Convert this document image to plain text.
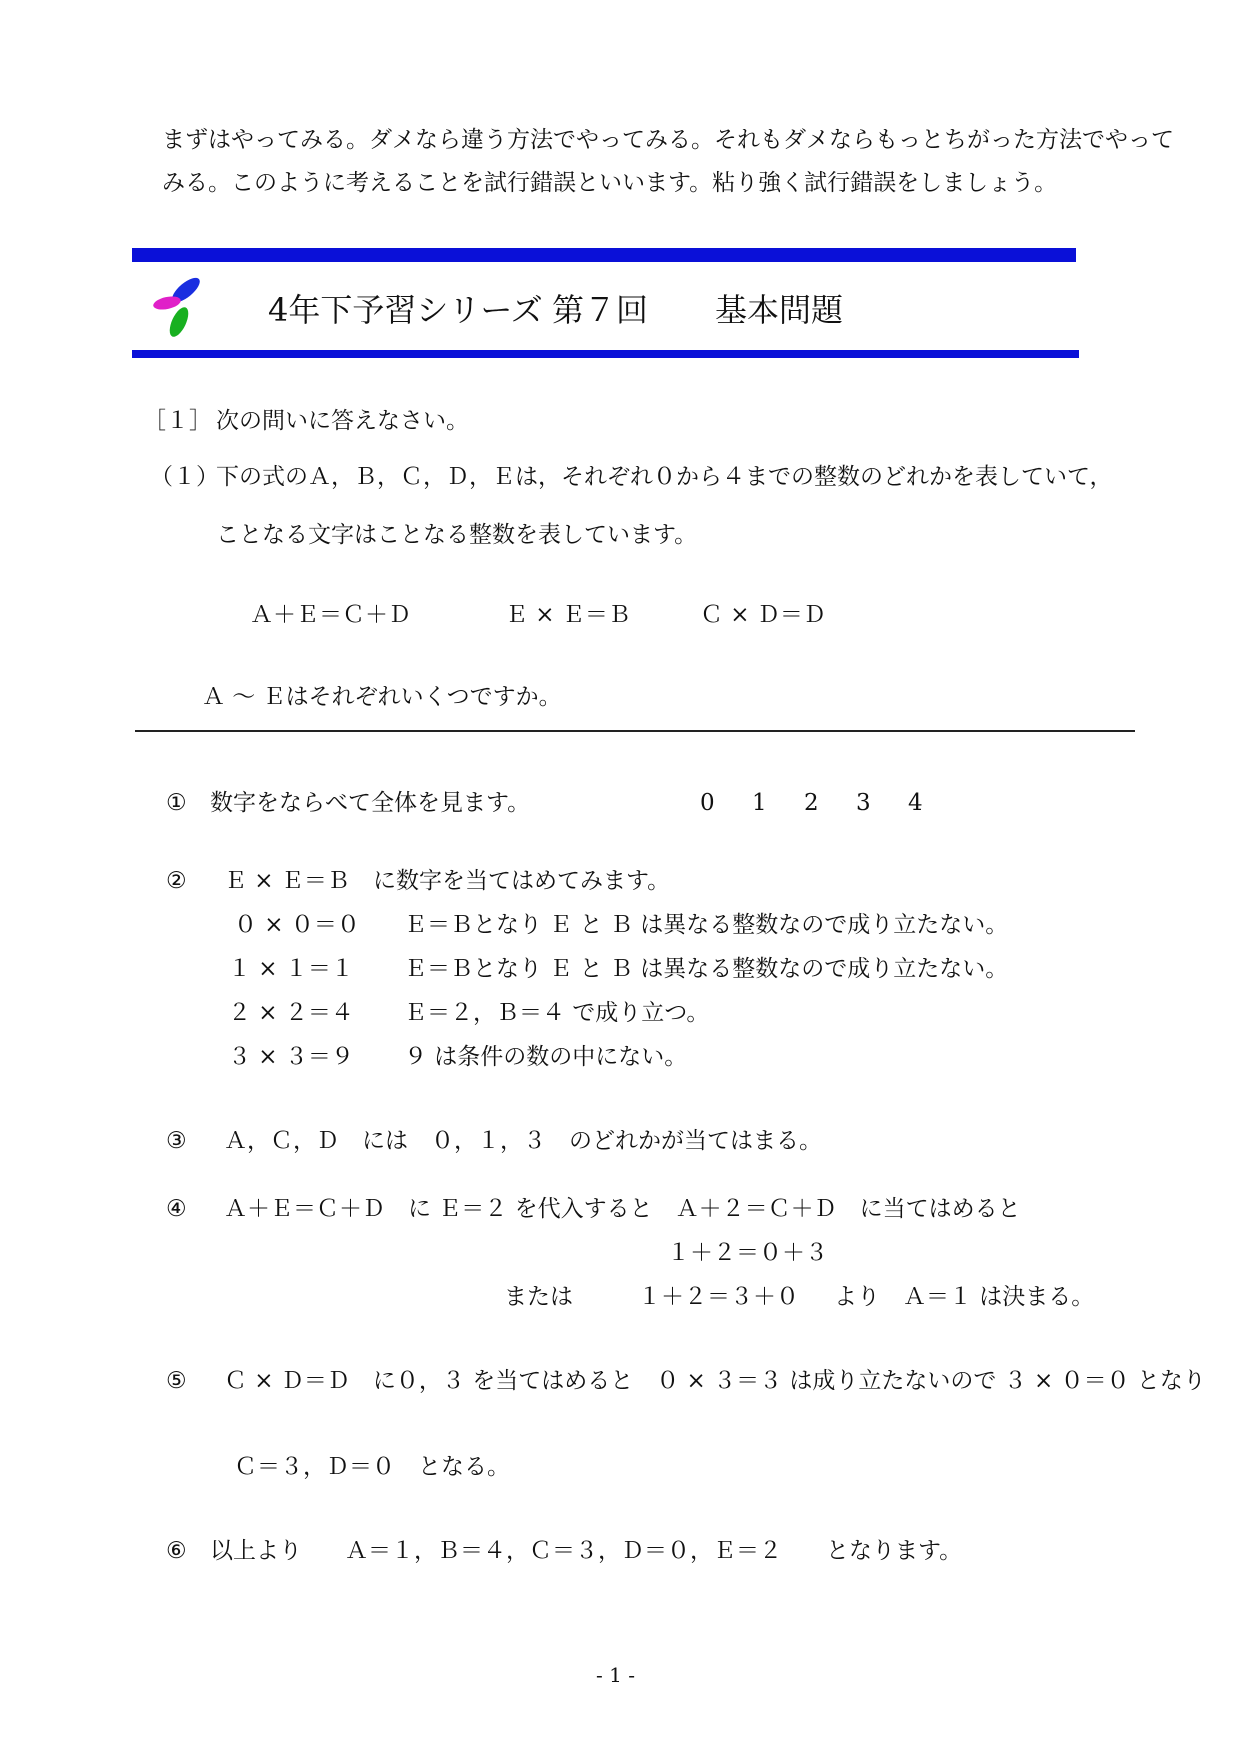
まずはやってみる。ダメなら違う方法でやってみる。それもダメならもっとちがった方法でやって
みる。このように考えることを試行錯誤といいます。粘り強く試行錯誤をしましょう。
4年下予習シリーズ 第７回 基本問題
［１］ 次の問いに答えなさい。
（１）
下の式のＡ，Ｂ，Ｃ，Ｄ，Ｅは，それぞれ０から４までの整数のどれかを表していて，
ことなる文字はことなる整数を表しています。
Ａ＋Ｅ＝Ｃ＋Ｄ	Ｅ × Ｅ＝Ｂ	Ｃ × Ｄ＝Ｄ
Ａ ～ Ｅはそれぞれいくつですか。
① 数字をならべて全体を見ます。	0 1 2 3 4
② Ｅ × Ｅ＝Ｂ に数字を当てはめてみます。
０ × ０＝０ Ｅ＝Ｂとなり Ｅ と Ｂ は異なる整数なので成り立たない。
１ × １＝１ Ｅ＝Ｂとなり Ｅ と Ｂ は異なる整数なので成り立たない。
２ × ２＝４ Ｅ＝２，Ｂ＝４ で成り立つ。
３ × ３＝９ ９ は条件の数の中にない。
③ Ａ，Ｃ，Ｄ　には　０，１，３　のどれかが当てはまる。
④ Ａ＋Ｅ＝Ｃ＋Ｄ　に Ｅ＝２ を代入すると　Ａ＋２＝Ｃ＋Ｄ　に当てはめると
１＋２＝０＋３
または	１＋２＝３＋０ より　Ａ＝１ は決まる。
⑤ Ｃ × Ｄ＝Ｄ　に０，３ を当てはめると　０ × ３＝３ は成り立たないので ３ × ０＝０ となり
Ｃ＝３，Ｄ＝０　となる。
⑥ 以上より Ａ＝１，Ｂ＝４，Ｃ＝３，Ｄ＝０，Ｅ＝２ となります。
- 1 -
